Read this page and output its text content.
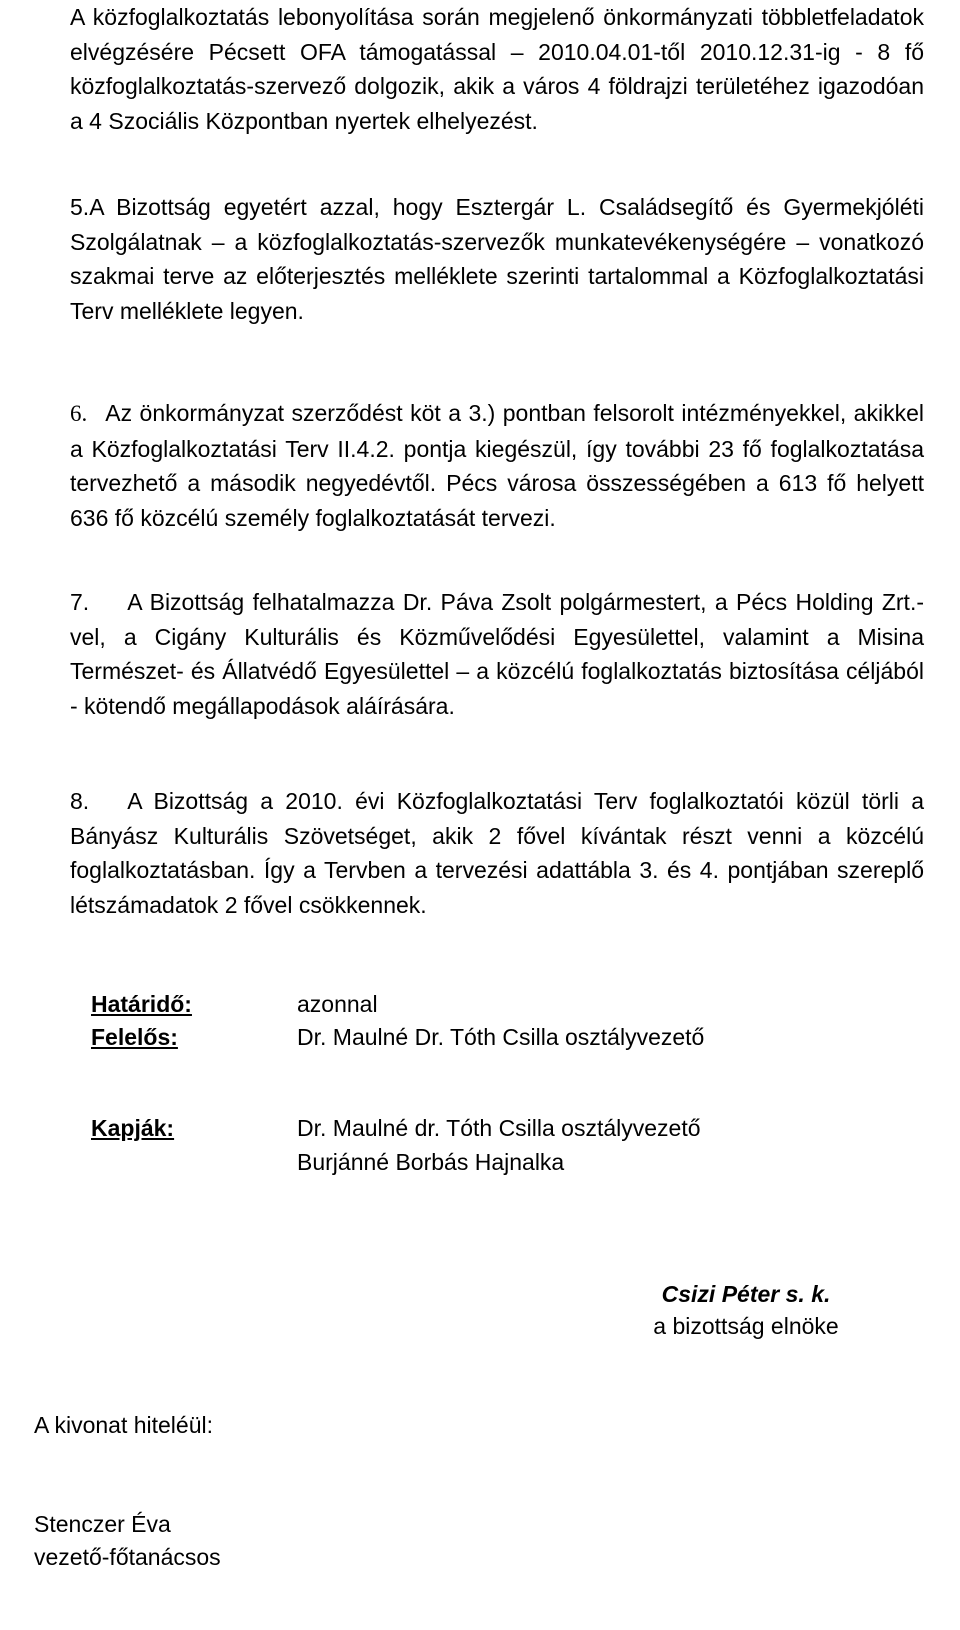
A közfoglalkoztatás lebonyolítása során megjelenő önkormányzati többletfeladatok elvégzésére Pécsett OFA támogatással – 2010.04.01-től 2010.12.31-ig - 8 fő közfoglalkoztatás-szervező dolgozik, akik a város 4 földrajzi területéhez igazodóan a 4 Szociális Központban nyertek elhelyezést.

5.A Bizottság egyetért azzal, hogy Esztergár L. Családsegítő és Gyermekjóléti Szolgálatnak – a közfoglalkoztatás-szervezők munkatevékenységére – vonatkozó szakmai terve az előterjesztés melléklete szerinti tartalommal a Közfoglalkoztatási Terv melléklete legyen.

6. Az önkormányzat szerződést köt a 3.) pontban felsorolt intézményekkel, akikkel a Közfoglalkoztatási Terv II.4.2. pontja kiegészül, így további 23 fő foglalkoztatása tervezhető a második negyedévtől. Pécs városa összességében a 613 fő helyett 636 fő közcélú személy foglalkoztatását tervezi.

7. A Bizottság felhatalmazza Dr. Páva Zsolt polgármestert, a Pécs Holding Zrt.-vel, a Cigány Kulturális és Közművelődési Egyesülettel, valamint a Misina Természet- és Állatvédő Egyesülettel – a közcélú foglalkoztatás biztosítása céljából - kötendő megállapodások aláírására.

8. A Bizottság a 2010. évi Közfoglalkoztatási Terv foglalkoztatói közül törli a Bányász Kulturális Szövetséget, akik 2 fővel kívántak részt venni a közcélú foglalkoztatásban. Így a Tervben a tervezési adattábla 3. és 4. pontjában szereplő létszámadatok 2 fővel csökkennek.

Határidő:	azonnal
Felelős:	Dr. Maulné Dr. Tóth Csilla osztályvezető
Kapják:	Dr. Maulné dr. Tóth Csilla osztályvezető
Burjánné Borbás Hajnalka
Csizi Péter s. k.
a bizottság elnöke
A kivonat hiteléül:
Stenczer Éva
vezető-főtanácsos
